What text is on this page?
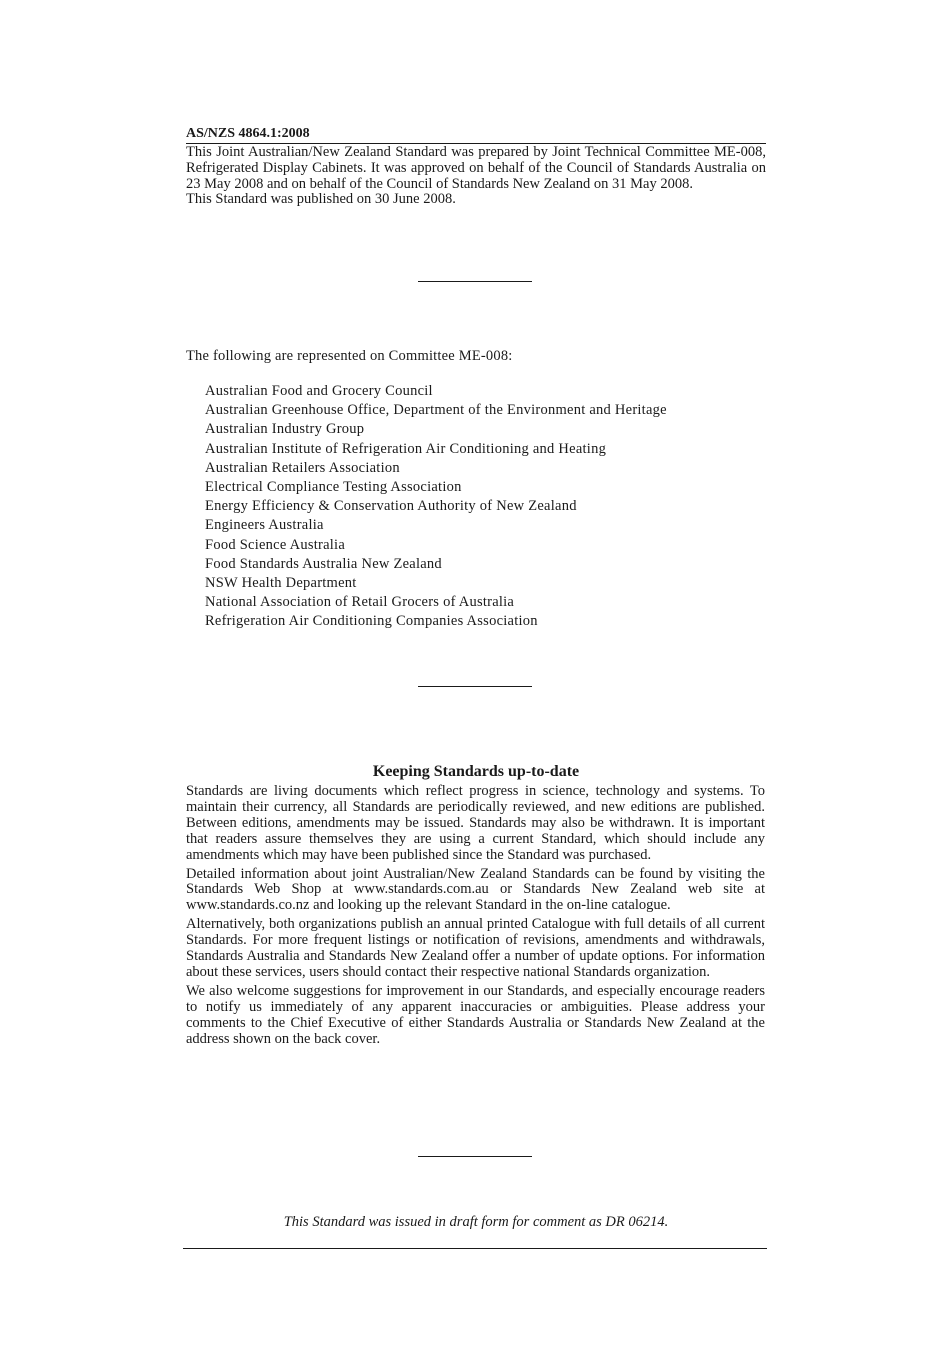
AS/NZS 4864.1:2008

This Joint Australian/New Zealand Standard was prepared by Joint Technical Committee ME-008, Refrigerated Display Cabinets. It was approved on behalf of the Council of Standards Australia on 23 May 2008 and on behalf of the Council of Standards New Zealand on 31 May 2008.

This Standard was published on 30 June 2008.

The following are represented on Committee ME-008:
Australian Food and Grocery Council
Australian Greenhouse Office, Department of the Environment and Heritage
Australian Industry Group
Australian Institute of Refrigeration Air Conditioning and Heating
Australian Retailers Association
Electrical Compliance Testing Association
Energy Efficiency & Conservation Authority of New Zealand
Engineers Australia
Food Science Australia
Food Standards Australia New Zealand
NSW Health Department
National Association of Retail Grocers of Australia
Refrigeration Air Conditioning Companies Association
Keeping Standards up-to-date

Standards are living documents which reflect progress in science, technology and systems. To maintain their currency, all Standards are periodically reviewed, and new editions are published. Between editions, amendments may be issued. Standards may also be withdrawn. It is important that readers assure themselves they are using a current Standard, which should include any amendments which may have been published since the Standard was purchased.

Detailed information about joint Australian/New Zealand Standards can be found by visiting the Standards Web Shop at www.standards.com.au or Standards New Zealand web site at www.standards.co.nz and looking up the relevant Standard in the on-line catalogue.

Alternatively, both organizations publish an annual printed Catalogue with full details of all current Standards. For more frequent listings or notification of revisions, amendments and withdrawals, Standards Australia and Standards New Zealand offer a number of update options. For information about these services, users should contact their respective national Standards organization.

We also welcome suggestions for improvement in our Standards, and especially encourage readers to notify us immediately of any apparent inaccuracies or ambiguities. Please address your comments to the Chief Executive of either Standards Australia or Standards New Zealand at the address shown on the back cover.

This Standard was issued in draft form for comment as DR 06214.
